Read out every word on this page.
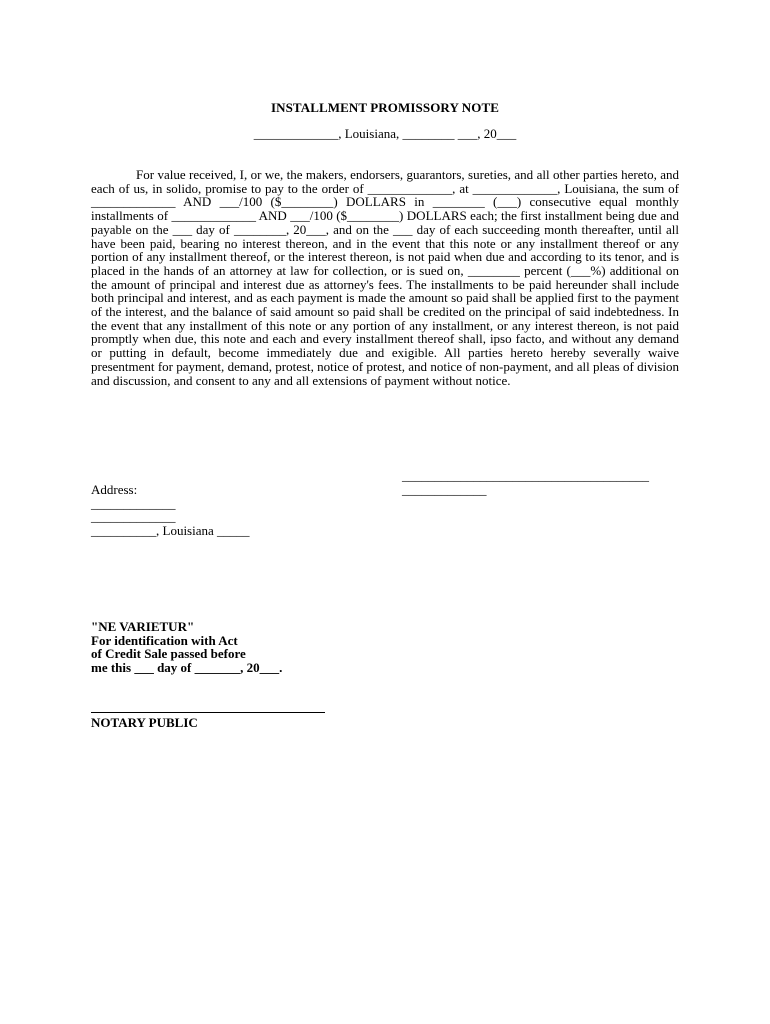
INSTALLMENT PROMISSORY NOTE
_____________, Louisiana, ________ ___, 20___
For value received, I, or we, the makers, endorsers, guarantors, sureties, and all other parties hereto, and each of us, in solido, promise to pay to the order of _____________, at _____________, Louisiana, the sum of _____________ AND ___/100 ($________) DOLLARS in ________ (___) consecutive equal monthly installments of _____________ AND ___/100 ($________) DOLLARS each; the first installment being due and payable on the ___ day of ________, 20___, and on the ___ day of each succeeding month thereafter, until all have been paid, bearing no interest thereon, and in the event that this note or any installment thereof or any portion of any installment thereof, or the interest thereon, is not paid when due and according to its tenor, and is placed in the hands of an attorney at law for collection, or is sued on, ________ percent (___%) additional on the amount of principal and interest due as attorney's fees. The installments to be paid hereunder shall include both principal and interest, and as each payment is made the amount so paid shall be applied first to the payment of the interest, and the balance of said amount so paid shall be credited on the principal of said indebtedness. In the event that any installment of this note or any portion of any installment, or any interest thereon, is not paid promptly when due, this note and each and every installment thereof shall, ipso facto, and without any demand or putting in default, become immediately due and exigible. All parties hereto hereby severally waive presentment for payment, demand, protest, notice of protest, and notice of non-payment, and all pleas of division and discussion, and consent to any and all extensions of payment without notice.
______________________________________
_____________
Address:
_____________
_____________
__________, Louisiana _____
"NE VARIETUR"
For identification with Act
of Credit Sale passed before
me this ___ day of _______, 20___.
NOTARY PUBLIC
